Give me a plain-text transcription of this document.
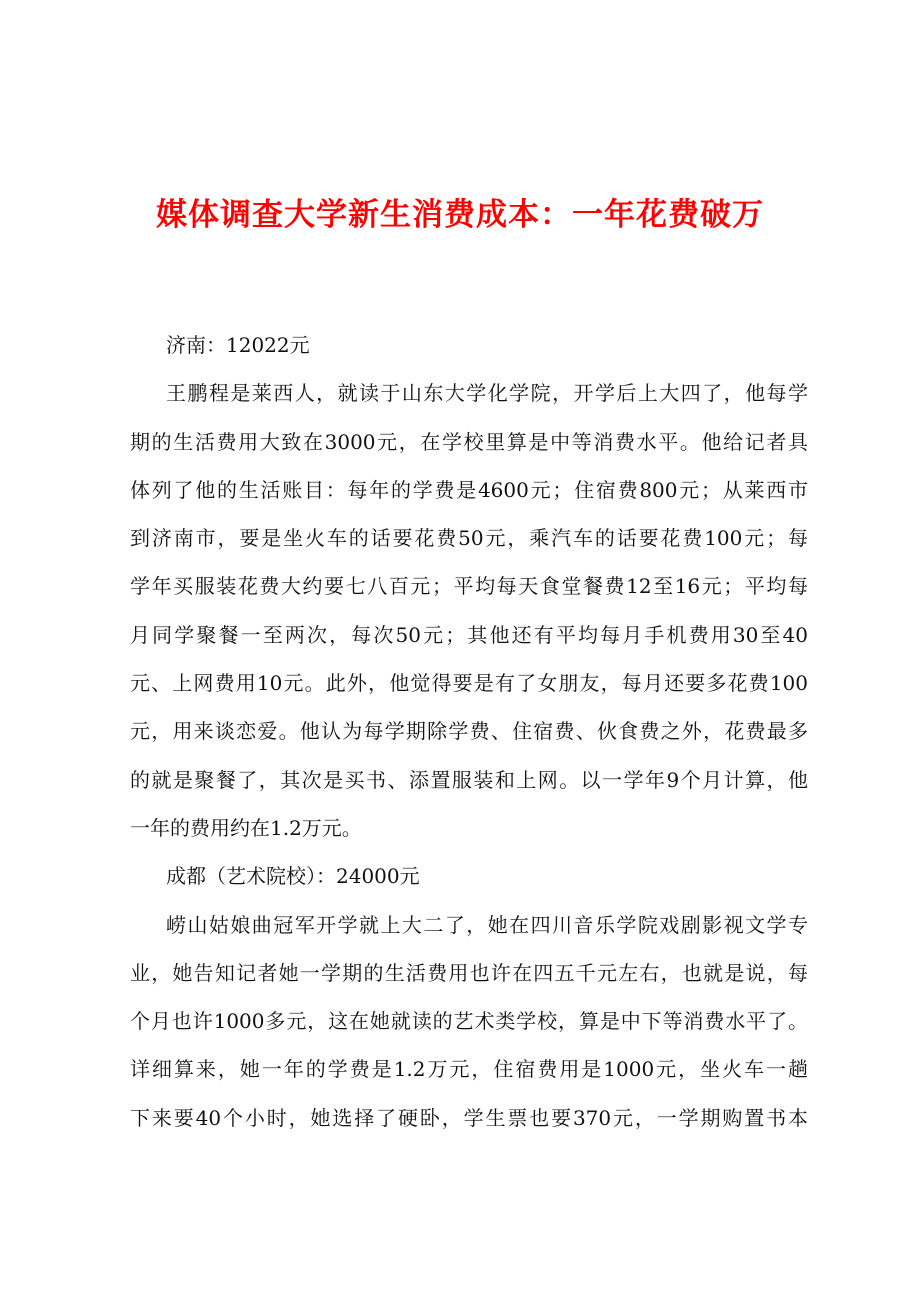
媒体调查大学新生消费成本：一年花费破万
济南：12022元
王鹏程是莱西人，就读于山东大学化学院，开学后上大四了，他每学
期的生活费用大致在3000元，在学校里算是中等消费水平。他给记者具
体列了他的生活账目：每年的学费是4600元；住宿费800元；从莱西市
到济南市，要是坐火车的话要花费50元，乘汽车的话要花费100元；每
学年买服装花费大约要七八百元；平均每天食堂餐费12至16元；平均每
月同学聚餐一至两次，每次50元；其他还有平均每月手机费用30至40
元、上网费用10元。此外，他觉得要是有了女朋友，每月还要多花费100
元，用来谈恋爱。他认为每学期除学费、住宿费、伙食费之外，花费最多
的就是聚餐了，其次是买书、添置服装和上网。以一学年9个月计算，他
一年的费用约在1.2万元。
成都（艺术院校）：24000元
崂山姑娘曲冠军开学就上大二了，她在四川音乐学院戏剧影视文学专
业，她告知记者她一学期的生活费用也许在四五千元左右，也就是说，每
个月也许1000多元，这在她就读的艺术类学校，算是中下等消费水平了。
详细算来，她一年的学费是1.2万元，住宿费用是1000元，坐火车一趟
下来要40个小时，她选择了硬卧，学生票也要370元，一学期购置书本
